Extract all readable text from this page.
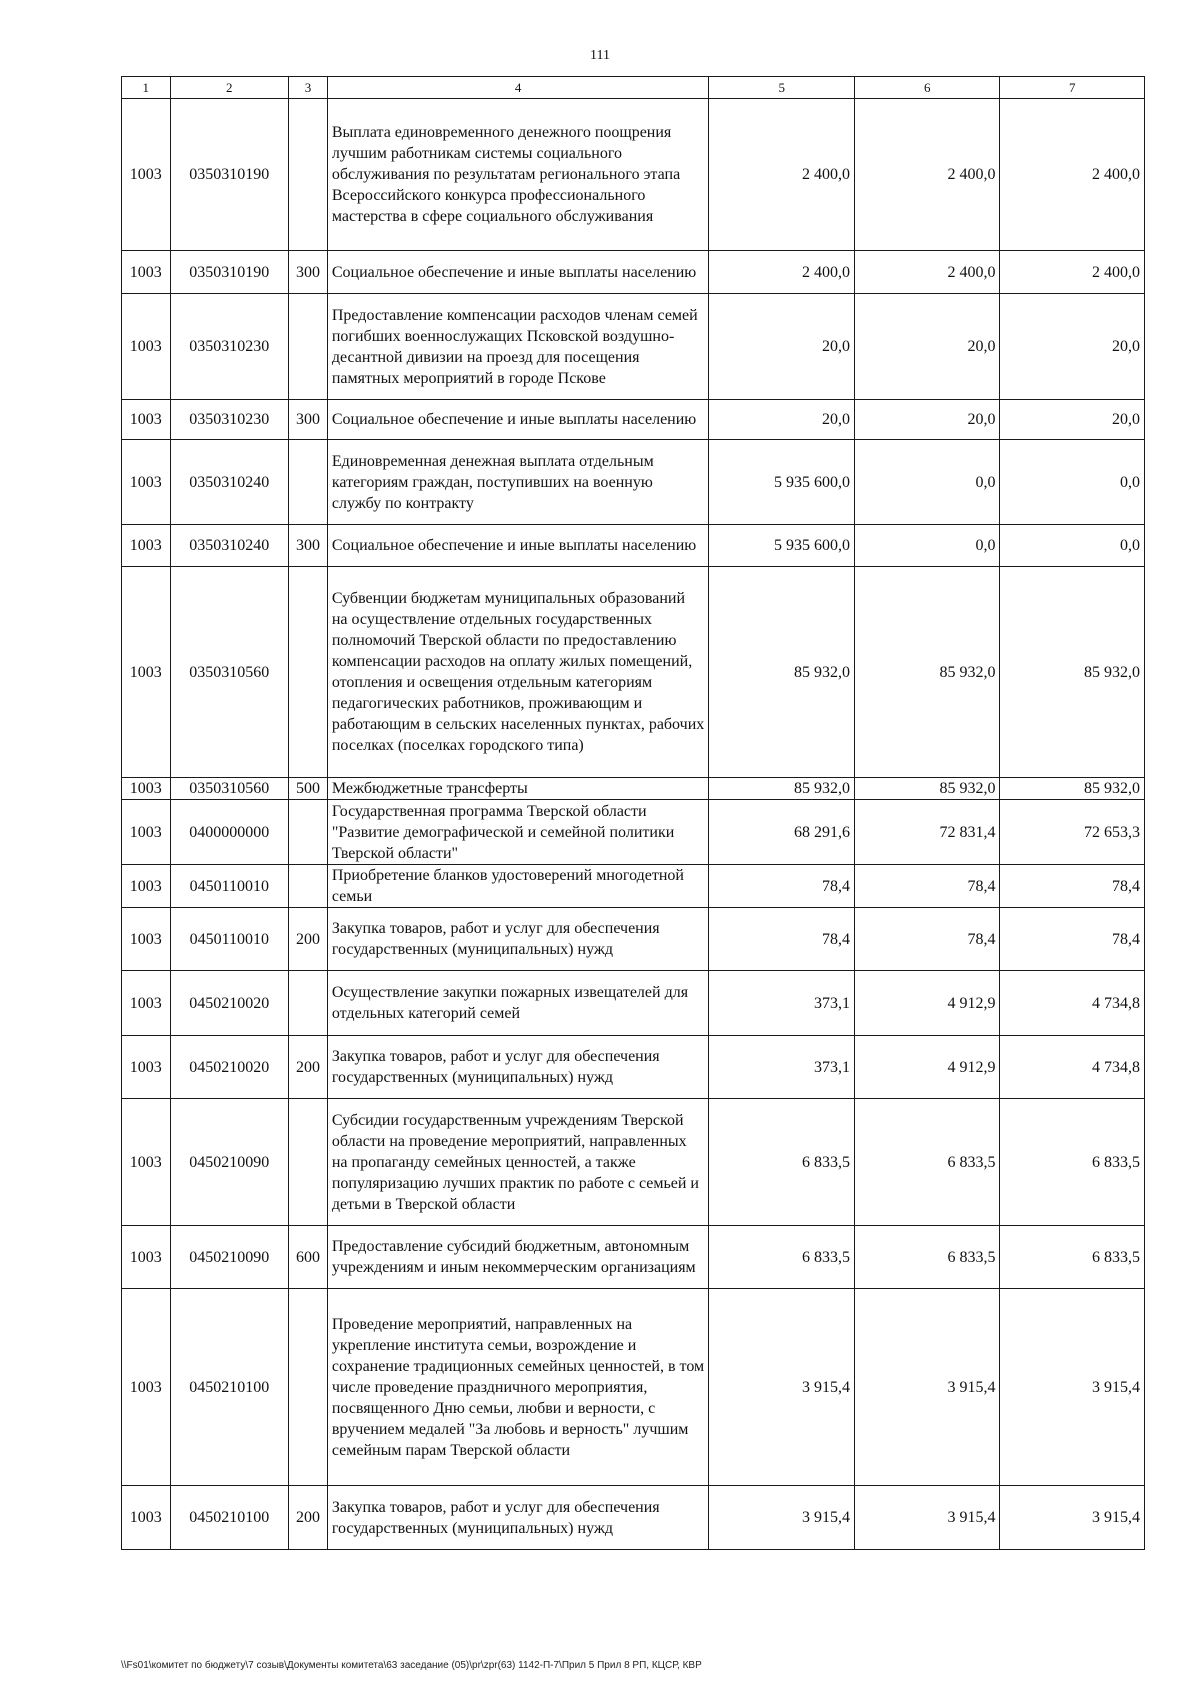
111
1	2	3	4	5	6	7
1003	0350310190		Выплата единовременного денежного поощрения лучшим работникам системы социального обслуживания по результатам регионального этапа Всероссийского конкурса профессионального мастерства в сфере социального обслуживания	2 400,0	2 400,0	2 400,0
1003	0350310190	300	Социальное обеспечение и иные выплаты населению	2 400,0	2 400,0	2 400,0
1003	0350310230		Предоставление компенсации расходов членам семей погибших военнослужащих Псковской воздушно-десантной дивизии на проезд для посещения памятных мероприятий в городе Пскове	20,0	20,0	20,0
1003	0350310230	300	Социальное обеспечение и иные выплаты населению	20,0	20,0	20,0
1003	0350310240		Единовременная денежная выплата отдельным категориям граждан, поступивших на военную службу по контракту	5 935 600,0	0,0	0,0
1003	0350310240	300	Социальное обеспечение и иные выплаты населению	5 935 600,0	0,0	0,0
1003	0350310560		Субвенции бюджетам муниципальных образований на осуществление отдельных государственных полномочий Тверской области по предоставлению компенсации расходов на оплату жилых помещений, отопления и освещения отдельным категориям педагогических работников, проживающим и работающим в сельских населенных пунктах, рабочих поселках (поселках городского типа)	85 932,0	85 932,0	85 932,0
1003	0350310560	500	Межбюджетные трансферты	85 932,0	85 932,0	85 932,0
1003	0400000000		Государственная программа Тверской области "Развитие демографической и семейной политики Тверской области"	68 291,6	72 831,4	72 653,3
1003	0450110010		Приобретение бланков удостоверений многодетной семьи	78,4	78,4	78,4
1003	0450110010	200	Закупка товаров, работ и услуг для обеспечения государственных (муниципальных) нужд	78,4	78,4	78,4
1003	0450210020		Осуществление закупки пожарных извещателей для отдельных категорий семей	373,1	4 912,9	4 734,8
1003	0450210020	200	Закупка товаров, работ и услуг для обеспечения государственных (муниципальных) нужд	373,1	4 912,9	4 734,8
1003	0450210090		Субсидии государственным учреждениям Тверской области на проведение мероприятий, направленных на пропаганду семейных ценностей, а также популяризацию лучших практик по работе с семьей и детьми в Тверской области	6 833,5	6 833,5	6 833,5
1003	0450210090	600	Предоставление субсидий бюджетным, автономным учреждениям и иным некоммерческим организациям	6 833,5	6 833,5	6 833,5
1003	0450210100		Проведение мероприятий, направленных на укрепление института семьи, возрождение и сохранение традиционных семейных ценностей, в том числе проведение праздничного мероприятия, посвященного Дню семьи, любви и верности, с вручением медалей "За любовь и верность" лучшим семейным парам Тверской области	3 915,4	3 915,4	3 915,4
1003	0450210100	200	Закупка товаров, работ и услуг для обеспечения государственных (муниципальных) нужд	3 915,4	3 915,4	3 915,4
\\Fs01\комитет по бюджету\7 созыв\Документы комитета\63 заседание (05)\pr\zpr(63) 1142-П-7\Прил 5 Прил 8 РП, КЦСР, КВР
